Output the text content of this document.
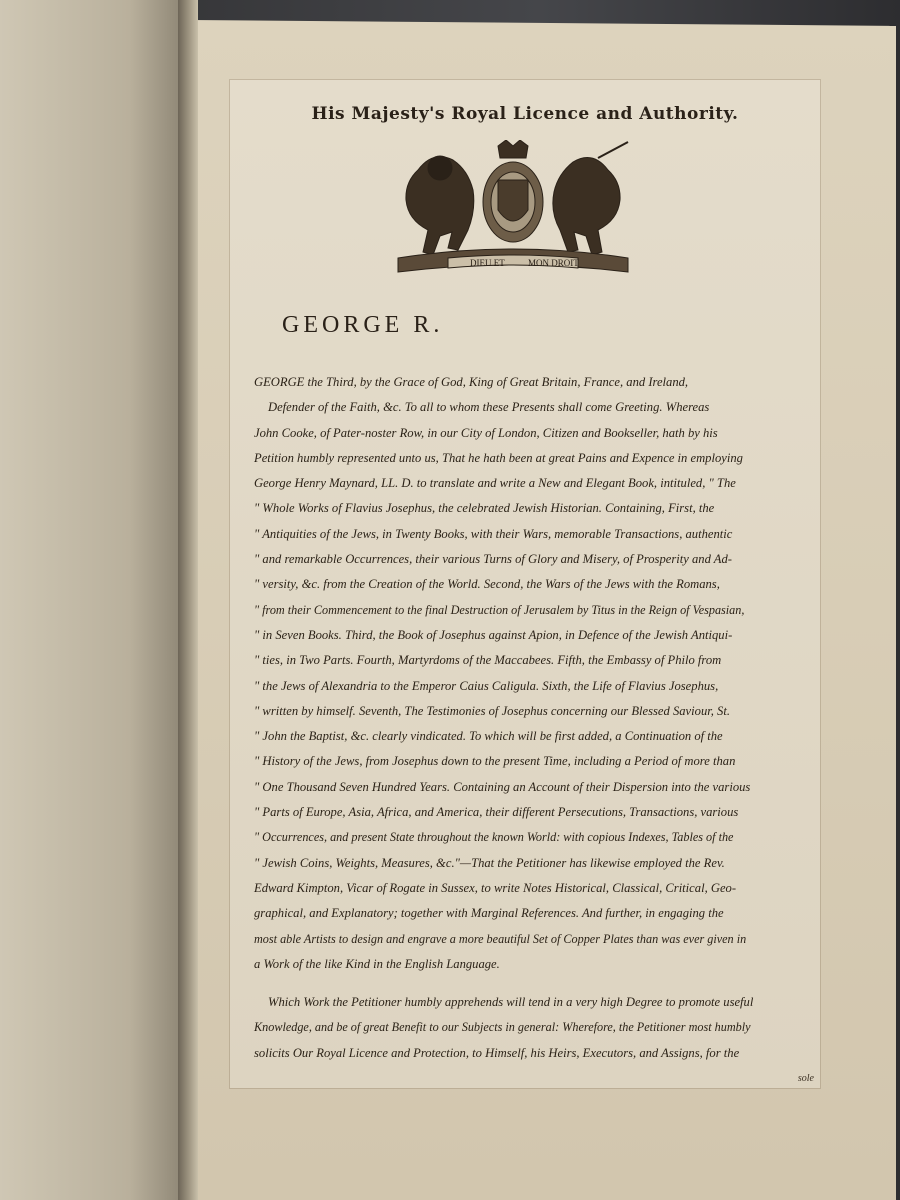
His Majesty's Royal Licence and Authority.
DIEU ET	MON DROIT
GEORGE R.
GEORGE the Third, by the Grace of God, King of Great Britain, France, and Ireland,
Defender of the Faith, &c. To all to whom these Presents shall come Greeting. Whereas
John Cooke, of Pater-noster Row, in our City of London, Citizen and Bookseller, hath by his
Petition humbly represented unto us, That he hath been at great Pains and Expence in employing
George Henry Maynard, LL. D. to translate and write a New and Elegant Book, intituled, " The
" Whole Works of Flavius Josephus, the celebrated Jewish Historian. Containing, First, the
" Antiquities of the Jews, in Twenty Books, with their Wars, memorable Transactions, authentic
" and remarkable Occurrences, their various Turns of Glory and Misery, of Prosperity and Ad-
" versity, &c. from the Creation of the World. Second, the Wars of the Jews with the Romans,
" from their Commencement to the final Destruction of Jerusalem by Titus in the Reign of Vespasian,
" in Seven Books. Third, the Book of Josephus against Apion, in Defence of the Jewish Antiqui-
" ties, in Two Parts. Fourth, Martyrdoms of the Maccabees. Fifth, the Embassy of Philo from
" the Jews of Alexandria to the Emperor Caius Caligula. Sixth, the Life of Flavius Josephus,
" written by himself. Seventh, The Testimonies of Josephus concerning our Blessed Saviour, St.
" John the Baptist, &c. clearly vindicated. To which will be first added, a Continuation of the
" History of the Jews, from Josephus down to the present Time, including a Period of more than
" One Thousand Seven Hundred Years. Containing an Account of their Dispersion into the various
" Parts of Europe, Asia, Africa, and America, their different Persecutions, Transactions, various
" Occurrences, and present State throughout the known World: with copious Indexes, Tables of the
" Jewish Coins, Weights, Measures, &c."—That the Petitioner has likewise employed the Rev.
Edward Kimpton, Vicar of Rogate in Sussex, to write Notes Historical, Classical, Critical, Geo-
graphical, and Explanatory; together with Marginal References. And further, in engaging the
most able Artists to design and engrave a more beautiful Set of Copper Plates than was ever given in
a Work of the like Kind in the English Language.
Which Work the Petitioner humbly apprehends will tend in a very high Degree to promote useful
Knowledge, and be of great Benefit to our Subjects in general: Wherefore, the Petitioner most humbly
solicits Our Royal Licence and Protection, to Himself, his Heirs, Executors, and Assigns, for the
sole
